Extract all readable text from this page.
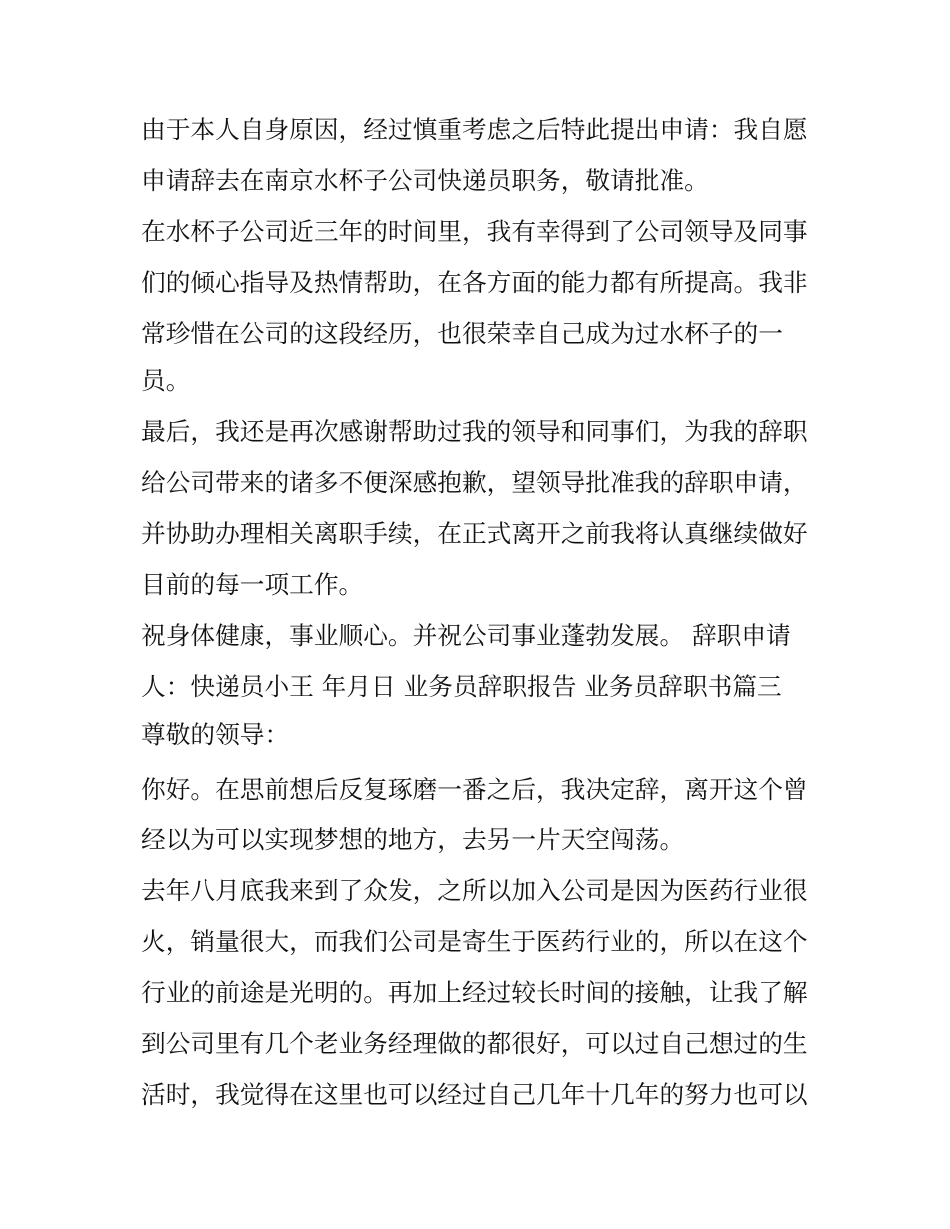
由于本人自身原因，经过慎重考虑之后特此提出申请：我自愿
申请辞去在南京水杯子公司快递员职务，敬请批准。
在水杯子公司近三年的时间里，我有幸得到了公司领导及同事
们的倾心指导及热情帮助，在各方面的能力都有所提高。我非
常珍惜在公司的这段经历，也很荣幸自己成为过水杯子的一
员。
最后，我还是再次感谢帮助过我的领导和同事们，为我的辞职
给公司带来的诸多不便深感抱歉，望领导批准我的辞职申请，
并协助办理相关离职手续，在正式离开之前我将认真继续做好
目前的每一项工作。
祝身体健康，事业顺心。并祝公司事业蓬勃发展。 辞职申请
人：快递员小王 年月日 业务员辞职报告 业务员辞职书篇三
尊敬的领导：
你好。在思前想后反复琢磨一番之后，我决定辞，离开这个曾
经以为可以实现梦想的地方，去另一片天空闯荡。
去年八月底我来到了众发，之所以加入公司是因为医药行业很
火，销量很大，而我们公司是寄生于医药行业的，所以在这个
行业的前途是光明的。再加上经过较长时间的接触，让我了解
到公司里有几个老业务经理做的都很好，可以过自己想过的生
活时，我觉得在这里也可以经过自己几年十几年的努力也可以
